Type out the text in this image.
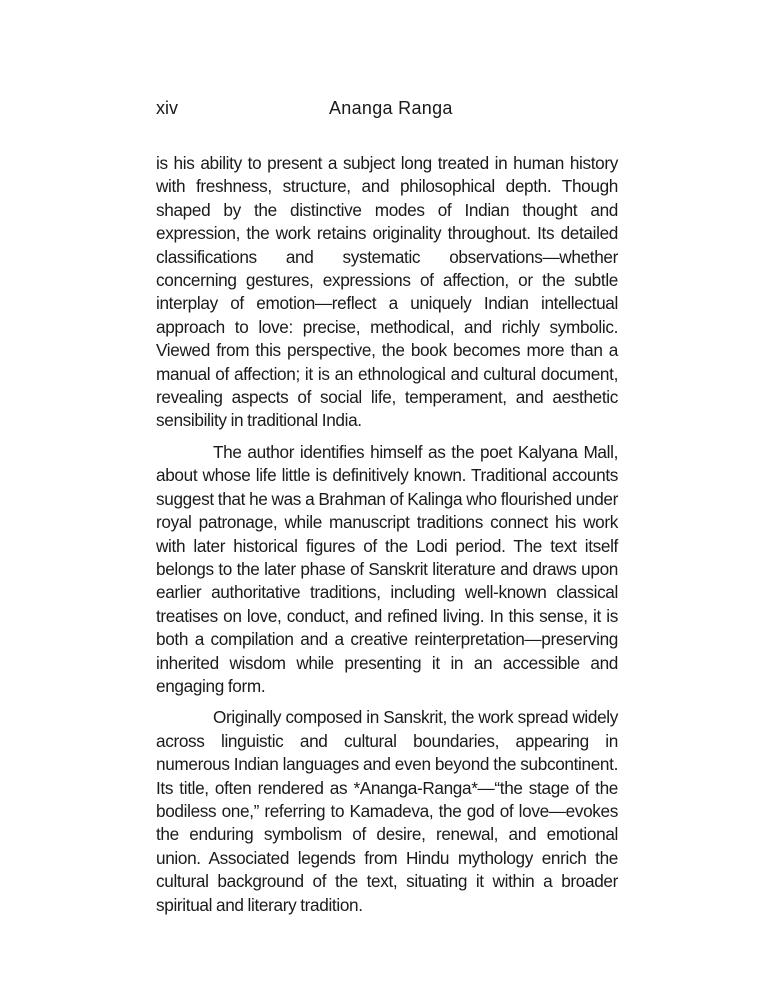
xiv	Ananga Ranga

is his ability to present a subject long treated in human history with freshness, structure, and philosophical depth. Though shaped by the distinctive modes of Indian thought and expression, the work retains originality throughout. Its detailed classifications and systematic observations—whether concerning gestures, expressions of affection, or the subtle interplay of emotion—reflect a uniquely Indian intellectual approach to love: precise, methodical, and richly symbolic. Viewed from this perspective, the book becomes more than a manual of affection; it is an ethnological and cultural document, revealing aspects of social life, temperament, and aesthetic sensibility in traditional India.

The author identifies himself as the poet Kalyana Mall, about whose life little is definitively known. Traditional accounts suggest that he was a Brahman of Kalinga who flourished under royal patronage, while manuscript traditions connect his work with later historical figures of the Lodi period. The text itself belongs to the later phase of Sanskrit literature and draws upon earlier authoritative traditions, including well-known classical treatises on love, conduct, and refined living. In this sense, it is both a compilation and a creative reinterpretation—preserving inherited wisdom while presenting it in an accessible and engaging form.

Originally composed in Sanskrit, the work spread widely across linguistic and cultural boundaries, appearing in numerous Indian languages and even beyond the subcontinent. Its title, often rendered as *Ananga-Ranga*—“the stage of the bodiless one,” referring to Kamadeva, the god of love—evokes the enduring symbolism of desire, renewal, and emotional union. Associated legends from Hindu mythology enrich the cultural background of the text, situating it within a broader spiritual and literary tradition.
